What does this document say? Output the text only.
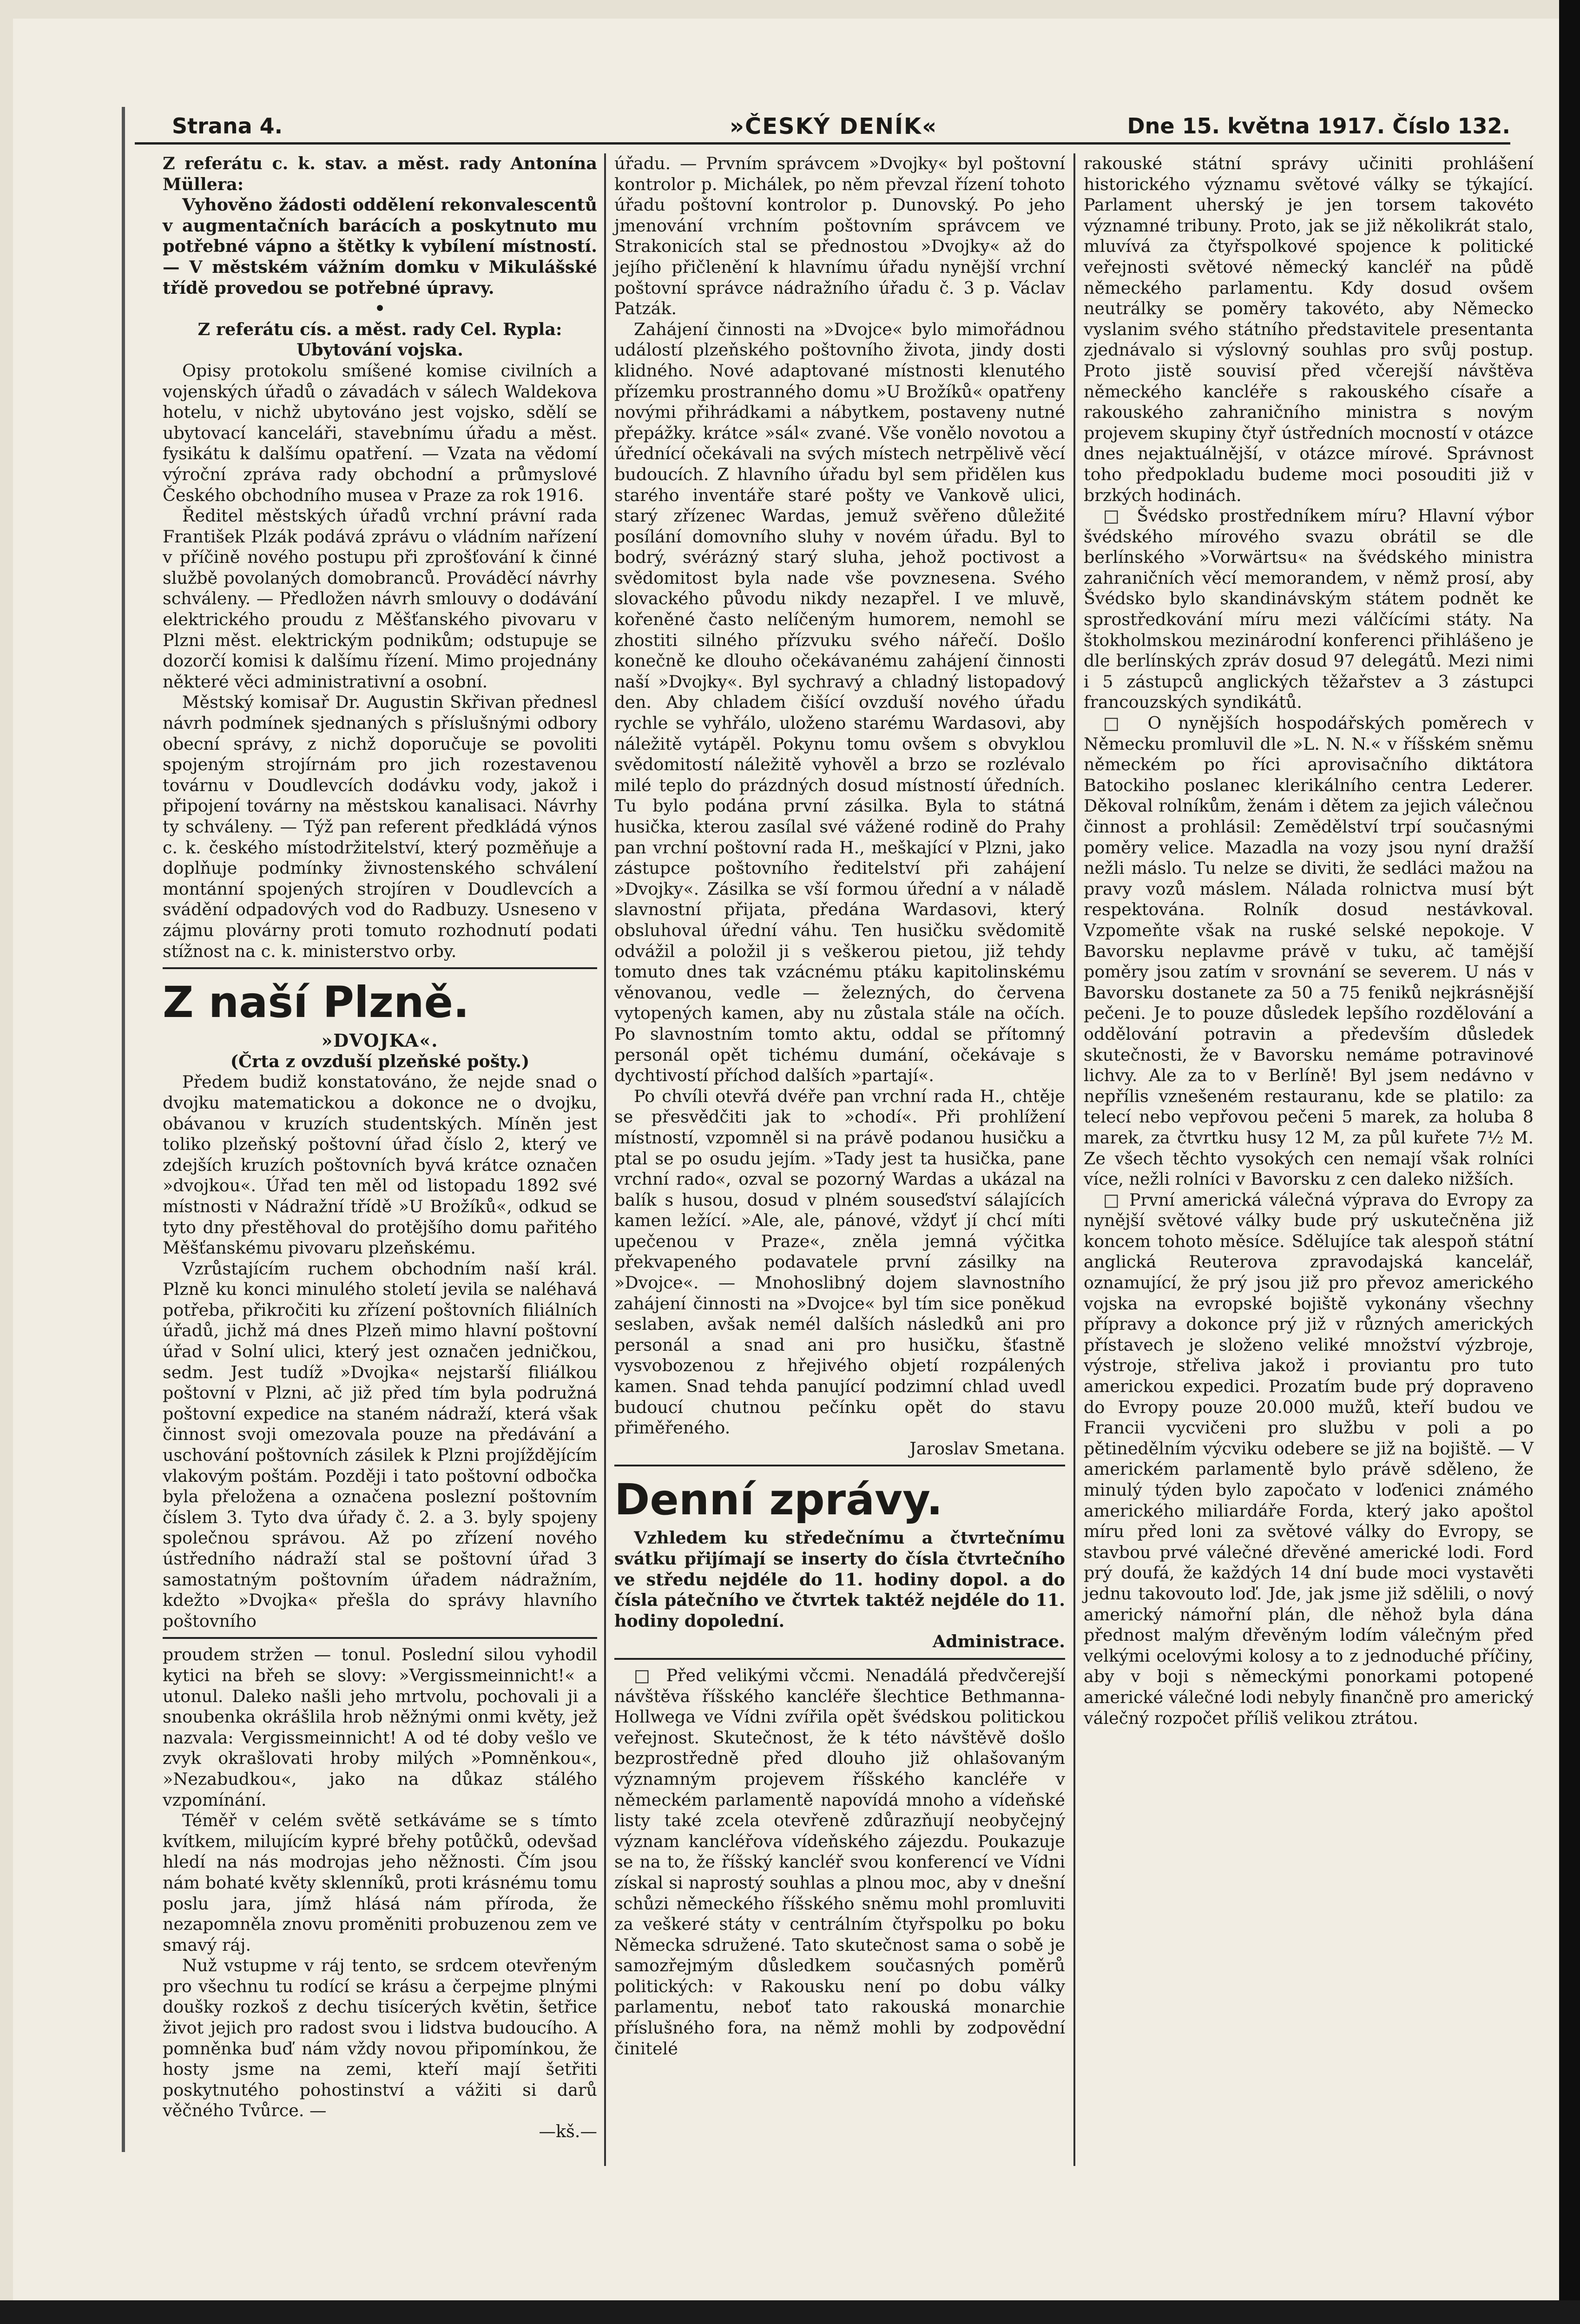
Strana 4.	»ČESKÝ DENÍK«	Dne 15. května 1917. Číslo 132.

Z referátu c. k. stav. a měst. rady Antonína Müllera:

Vyhověno žádosti oddělení rekonvalescentů v augmentačních barácích a poskytnuto mu potřebné vápno a štětky k vybílení místností. — V městském vážním domku v Mikulášské třídě provedou se potřebné úpravy.

•

Z referátu cís. a měst. rady Cel. Rypla:

Ubytování vojska.

Opisy protokolu smíšené komise civilních a vojenských úřadů o závadách v sálech Waldekova hotelu, v nichž ubytováno jest vojsko, sdělí se ubytovací kanceláři, stavebnímu úřadu a měst. fysikátu k dalšímu opatření. — Vzata na vědomí výroční zpráva rady obchodní a průmyslové Českého obchodního musea v Praze za rok 1916.

Ředitel městských úřadů vrchní právní rada František Plzák podává zprávu o vládním nařízení v příčině nového postupu při zprošťování k činné službě povolaných domobranců. Prováděcí návrhy schváleny. — Předložen návrh smlouvy o dodávání elektrického proudu z Měšťanského pivovaru v Plzni měst. elektrickým podnikům; odstupuje se dozorčí komisi k dalšímu řízení. Mimo projednány některé věci administrativní a osobní.

Městský komisař Dr. Augustin Skřivan přednesl návrh podmínek sjednaných s příslušnými odbory obecní správy, z nichž doporučuje se povoliti spojeným strojírnám pro jich rozestavenou továrnu v Doudlevcích dodávku vody, jakož i připojení továrny na městskou kanalisaci. Návrhy ty schváleny. — Týž pan referent předkládá výnos c. k. českého místodržitelství, který pozměňuje a doplňuje podmínky živnostenského schválení montánní spojených strojíren v Doudlevcích a svádění odpadových vod do Radbuzy. Usneseno v zájmu plovárny proti tomuto rozhodnutí podati stížnost na c. k. ministerstvo orby.

Z naší Plzně.

»DVOJKA«.

(Črta z ovzduší plzeňské pošty.)

Předem budiž konstatováno, že nejde snad o dvojku matematickou a dokonce ne o dvojku, obávanou v kruzích studentských. Míněn jest toliko plzeňský poštovní úřad číslo 2, který ve zdejších kruzích poštovních byvá krátce označen »dvojkou«. Úřad ten měl od listopadu 1892 své místnosti v Nádražní třídě »U Brožíků«, odkud se tyto dny přestěhoval do protějšího domu pařitého Měšťanskému pivovaru plzeňskému.

Vzrůstajícím ruchem obchodním naší král. Plzně ku konci minulého století jevila se naléhavá potřeba, přikročiti ku zřízení poštovních filiálních úřadů, jichž má dnes Plzeň mimo hlavní poštovní úřad v Solní ulici, který jest označen jedničkou, sedm. Jest tudíž »Dvojka« nejstarší filiálkou poštovní v Plzni, ač již před tím byla podružná poštovní expedice na staném nádraží, která však činnost svoji omezovala pouze na předávání a uschování poštovních zásilek k Plzni projíždějícím vlakovým poštám. Později i tato poštovní odbočka byla přeložena a označena poslezní poštovním číslem 3. Tyto dva úřady č. 2. a 3. byly spojeny společnou správou. Až po zřízení nového ústředního nádraží stal se poštovní úřad 3 samostatným poštovním úřadem nádražním, kdežto »Dvojka« přešla do správy hlavního poštovního

proudem stržen — tonul. Poslední silou vyhodil kytici na břeh se slovy: »Vergissmeinnicht!« a utonul. Daleko našli jeho mrtvolu, pochovali ji a snoubenka okrášlila hrob něžnými onmi květy, jež nazvala: Vergissmeinnicht! A od té doby vešlo ve zvyk okrašlovati hroby milých »Pomněnkou«, »Nezabudkou«, jako na důkaz stálého vzpomínání.

Téměř v celém světě setkáváme se s tímto kvítkem, milujícím kypré břehy potůčků, odevšad hledí na nás modrojas jeho něžnosti. Čím jsou nám bohaté květy sklenníků, proti krásnému tomu poslu jara, jímž hlásá nám příroda, že nezapomněla znovu proměniti probuzenou zem ve smavý ráj.

Nuž vstupme v ráj tento, se srdcem otevřeným pro všechnu tu rodící se krásu a čerpejme plnými doušky rozkoš z dechu tisícerých květin, šetřice život jejich pro radost svou i lidstva budoucího. A pomněnka buď nám vždy novou připomínkou, že hosty jsme na zemi, kteří mají šetřiti poskytnutého pohostinství a vážiti si darů věčného Tvůrce. —

—kš.—

úřadu. — Prvním správcem »Dvojky« byl poštovní kontrolor p. Michálek, po něm převzal řízení tohoto úřadu poštovní kontrolor p. Dunovský. Po jeho jmenování vrchním poštovním správcem ve Strakonicích stal se přednostou »Dvojky« až do jejího přičlenění k hlavnímu úřadu nynější vrchní poštovní správce nádražního úřadu č. 3 p. Václav Patzák.

Zahájení činnosti na »Dvojce« bylo mimořádnou událostí plzeňského poštovního života, jindy dosti klidného. Nové adaptované místnosti klenutého přízemku prostranného domu »U Brožíků« opatřeny novými přihrádkami a nábytkem, postaveny nutné přepážky. krátce »sál« zvané. Vše vonělo novotou a úřednící očekávali na svých místech netrpělivě věcí budoucích. Z hlavního úřadu byl sem přidělen kus starého inventáře staré pošty ve Vankově ulici, starý zřízenec Wardas, jemuž svěřeno důležité posílání domovního sluhy v novém úřadu. Byl to bodrý, svérázný starý sluha, jehož poctivost a svědomitost byla nade vše povznesena. Svého slovackého původu nikdy nezapřel. I ve mluvě, kořeněné často nelíčeným humorem, nemohl se zhostiti silného přízvuku svého nářečí. Došlo konečně ke dlouho očekávanému zahájení činnosti naší »Dvojky«. Byl sychravý a chladný listopadový den. Aby chladem čišící ovzduší nového úřadu rychle se vyhřálo, uloženo starému Wardasovi, aby náležitě vytápěl. Pokynu tomu ovšem s obvyklou svědomitostí náležitě vyhověl a brzo se rozlévalo milé teplo do prázdných dosud místností úředních. Tu bylo podána první zásilka. Byla to státná husička, kterou zasílal své vážené rodině do Prahy pan vrchní poštovní rada H., meškající v Plzni, jako zástupce poštovního ředitelství při zahájení »Dvojky«. Zásilka se vší formou úřední a v náladě slavnostní přijata, předána Wardasovi, který obsluhoval úřední váhu. Ten husičku svědomitě odvážil a položil ji s veškerou pietou, již tehdy tomuto dnes tak vzácnému ptáku kapitolinskému věnovanou, vedle — železných, do červena vytopených kamen, aby nu zůstala stále na očích. Po slavnostním tomto aktu, oddal se přítomný personál opět tichému dumání, očekávaje s dychtivostí příchod dalších »partají«.

Po chvíli otevřá dvéře pan vrchní rada H., chtěje se přesvědčiti jak to »chodí«. Při prohlížení místností, vzpomněl si na právě podanou husičku a ptal se po osudu jejím. »Tady jest ta husička, pane vrchní rado«, ozval se pozorný Wardas a ukázal na balík s husou, dosud v plném souseďství sálajících kamen ležící. »Ale, ale, pánové, vždyť jí chcí míti upečenou v Praze«, zněla jemná výčitka překvapeného podavatele první zásilky na »Dvojce«. — Mnohoslibný dojem slavnostního zahájení činnosti na »Dvojce« byl tím sice poněkud seslaben, avšak nemél dalších následků ani pro personál a snad ani pro husičku, šťastně vysvobozenou z hřejivého objetí rozpálených kamen. Snad tehda panující podzimní chlad uvedl budoucí chutnou pečínku opět do stavu přiměřeného.

Jaroslav Smetana.

Denní zprávy.

Vzhledem ku středečnímu a čtvrtečnímu svátku přijímají se inserty do čísla čtvrtečního ve středu nejdéle do 11. hodiny dopol. a do čísla pátečního ve čtvrtek taktéž nejdéle do 11. hodiny dopolední.

Administrace.

□ Před velikými včcmi. Nenadálá předvčerejší návštěva říšského kancléře šlechtice Bethmanna-Hollwega ve Vídni zvířila opět švédskou politickou veřejnost. Skutečnost, že k této návštěvě došlo bezprostředně před dlouho již ohlašovaným významným projevem říšského kancléře v německém parlamentě napovídá mnoho a vídeňské listy také zcela otevřeně zdůrazňují neobyčejný význam kancléřova vídeňského zájezdu. Poukazuje se na to, že říšský kancléř svou konferencí ve Vídni získal si naprostý souhlas a plnou moc, aby v dnešní schůzi německého říšského sněmu mohl promluviti za veškeré státy v centrálním čtyřspolku po boku Německa sdružené. Tato skutečnost sama o sobě je samozřejmým důsledkem současných poměrů politických: v Rakousku není po dobu války parlamentu, neboť tato rakouská monarchie příslušného fora, na němž mohli by zodpovědní činitelé

rakouské státní správy učiniti prohlášení historického významu světové války se týkající. Parlament uherský je jen torsem takovéto významné tribuny. Proto, jak se již několikrát stalo, mluvívá za čtyřspolkové spojence k politické veřejnosti světové německý kancléř na půdě německého parlamentu. Kdy dosud ovšem neutrálky se poměry takovéto, aby Německo vyslanim svého státního představitele presentanta zjednávalo si výslovný souhlas pro svůj postup. Proto jistě souvisí před včerejší návštěva německého kancléře s rakouského císaře a rakouského zahraničního ministra s novým projevem skupiny čtyř ústředních mocností v otázce dnes nejaktuálnější, v otázce mírové. Správnost toho předpokladu budeme moci posouditi již v brzkých hodinách.

□ Švédsko prostředníkem míru? Hlavní výbor švédského mírového svazu obrátil se dle berlínského »Vorwärtsu« na švédského ministra zahraničních věcí memorandem, v němž prosí, aby Švédsko bylo skandinávským státem podnět ke sprostředkování míru mezi válčícími státy. Na štokholmskou mezinárodní konferenci přihlášeno je dle berlínských zpráv dosud 97 delegátů. Mezi nimi i 5 zástupců anglických těžařstev a 3 zástupci francouzských syndikátů.

□ O nynějších hospodářských poměrech v Německu promluvil dle »L. N. N.« v říšském sněmu německém po říci aprovisačního diktátora Batockiho poslanec klerikálního centra Lederer. Děkoval rolníkům, ženám i dětem za jejich válečnou činnost a prohlásil: Zemědělství trpí současnými poměry velice. Mazadla na vozy jsou nyní dražší nežli máslo. Tu nelze se diviti, že sedláci mažou na pravy vozů máslem. Nálada rolnictva musí být respektována. Rolník dosud nestávkoval. Vzpomeňte však na ruské selské nepokoje. V Bavorsku neplavme právě v tuku, ač tamější poměry jsou zatím v srovnání se severem. U nás v Bavorsku dostanete za 50 a 75 feniků nejkrásnější pečeni. Je to pouze důsledek lepšího rozdělování a oddělování potravin a především důsledek skutečnosti, že v Bavorsku nemáme potravinové lichvy. Ale za to v Berlíně! Byl jsem nedávno v nepřílis vznešeném restauranu, kde se platilo: za telecí nebo vepřovou pečeni 5 marek, za holuba 8 marek, za čtvrtku husy 12 M, za půl kuřete 7½ M. Ze všech těchto vysokých cen nemají však rolníci více, nežli rolníci v Bavorsku z cen daleko nižších.

□ První americká válečná výprava do Evropy za nynější světové války bude prý uskutečněna již koncem tohoto měsíce. Sdělujíce tak alespoň státní anglická Reuterova zpravodajská kancelář, oznamující, že prý jsou již pro převoz amerického vojska na evropské bojiště vykonány všechny přípravy a dokonce prý již v různých amerických přístavech je složeno veliké množství výzbroje, výstroje, střeliva jakož i proviantu pro tuto americkou expedici. Prozatím bude prý dopraveno do Evropy pouze 20.000 mužů, kteří budou ve Francii vycvičeni pro službu v poli a po pětinedělním výcviku odebere se již na bojiště. — V americkém parlamentě bylo právě sděleno, že minulý týden bylo započato v loďenici známého amerického miliardáře Forda, který jako apoštol míru před loni za světové války do Evropy, se stavbou prvé válečné dřevěné americké lodi. Ford prý doufá, že každých 14 dní bude moci vystavěti jednu takovouto loď. Jde, jak jsme již sdělili, o nový americký námořní plán, dle něhož byla dána přednost malým dřevěným lodím válečným před velkými ocelovými kolosy a to z jednoduché příčiny, aby v boji s německými ponorkami potopené americké válečné lodi nebyly finančně pro americký válečný rozpočet příliš velikou ztrátou.
